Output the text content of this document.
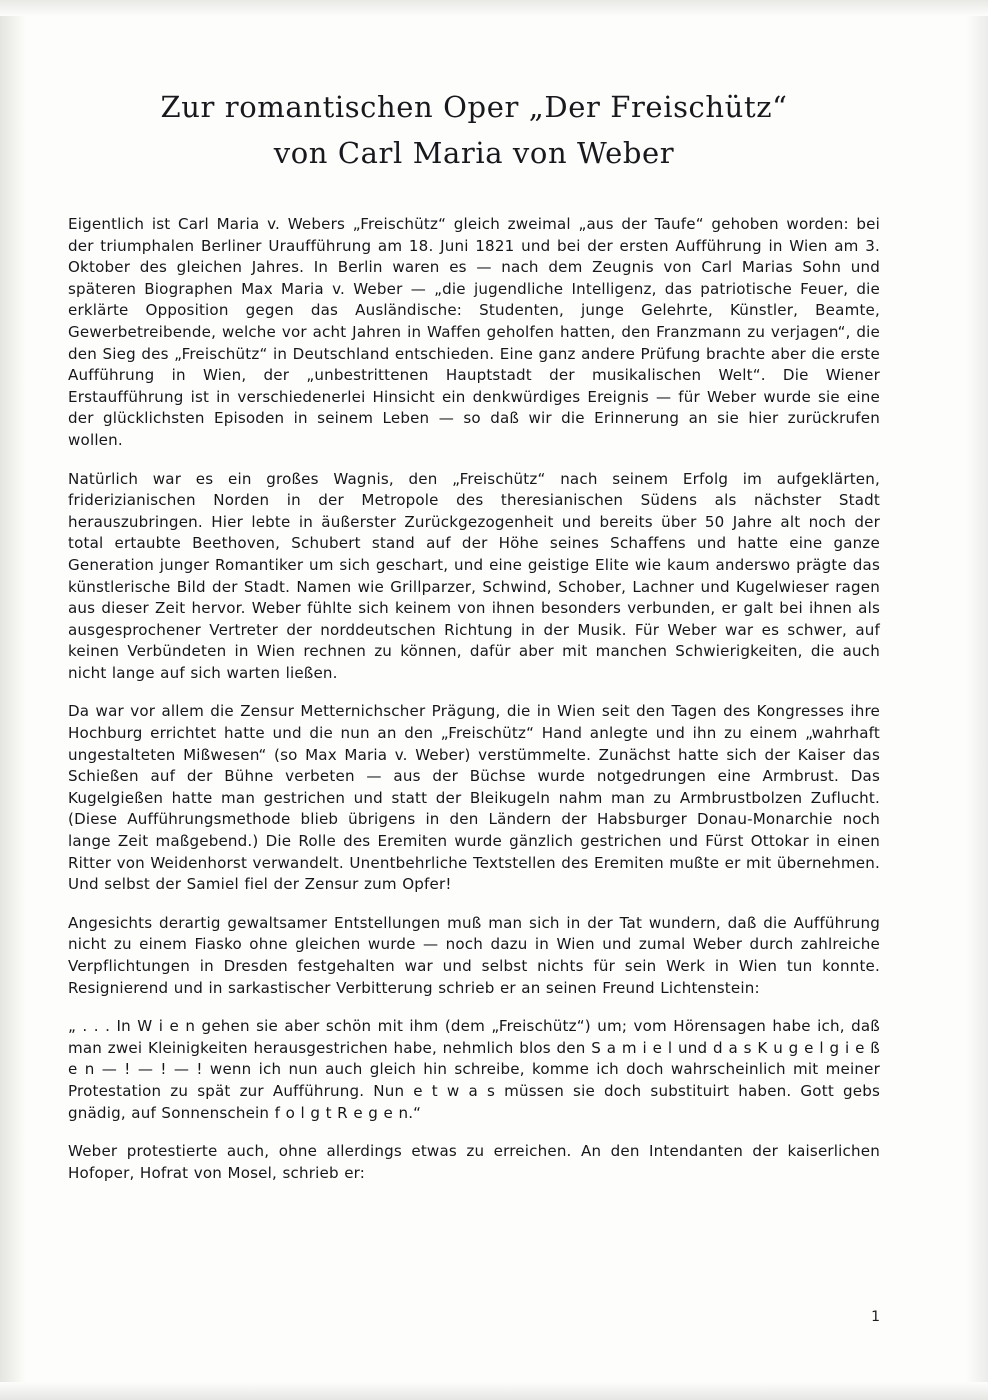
Zur romantischen Oper „Der Freischütz“
von Carl Maria von Weber

Eigentlich ist Carl Maria v. Webers „Freischütz“ gleich zweimal „aus der Taufe“ gehoben worden: bei der triumphalen Berliner Uraufführung am 18. Juni 1821 und bei der ersten Aufführung in Wien am 3. Oktober des gleichen Jahres. In Berlin waren es — nach dem Zeugnis von Carl Marias Sohn und späteren Biographen Max Maria v. Weber — „die jugendliche Intelligenz, das patriotische Feuer, die erklärte Opposition gegen das Ausländische: Studenten, junge Gelehrte, Künstler, Beamte, Gewerbetreibende, welche vor acht Jahren in Waffen geholfen hatten, den Franzmann zu verjagen“, die den Sieg des „Freischütz“ in Deutschland entschieden. Eine ganz andere Prüfung brachte aber die erste Aufführung in Wien, der „unbestrittenen Hauptstadt der musikalischen Welt“. Die Wiener Erstaufführung ist in verschiedenerlei Hinsicht ein denkwürdiges Ereignis — für Weber wurde sie eine der glücklichsten Episoden in seinem Leben — so daß wir die Erinnerung an sie hier zurückrufen wollen.

Natürlich war es ein großes Wagnis, den „Freischütz“ nach seinem Erfolg im aufgeklärten, friderizianischen Norden in der Metropole des theresianischen Südens als nächster Stadt herauszubringen. Hier lebte in äußerster Zurückgezogenheit und bereits über 50 Jahre alt noch der total ertaubte Beethoven, Schubert stand auf der Höhe seines Schaffens und hatte eine ganze Generation junger Romantiker um sich geschart, und eine geistige Elite wie kaum anderswo prägte das künstlerische Bild der Stadt. Namen wie Grillparzer, Schwind, Schober, Lachner und Kugelwieser ragen aus dieser Zeit hervor. Weber fühlte sich keinem von ihnen besonders verbunden, er galt bei ihnen als ausgesprochener Vertreter der norddeutschen Richtung in der Musik. Für Weber war es schwer, auf keinen Verbündeten in Wien rechnen zu können, dafür aber mit manchen Schwierigkeiten, die auch nicht lange auf sich warten ließen.

Da war vor allem die Zensur Metternichscher Prägung, die in Wien seit den Tagen des Kongresses ihre Hochburg errichtet hatte und die nun an den „Freischütz“ Hand anlegte und ihn zu einem „wahrhaft ungestalteten Mißwesen“ (so Max Maria v. Weber) verstümmelte. Zunächst hatte sich der Kaiser das Schießen auf der Bühne verbeten — aus der Büchse wurde notgedrungen eine Armbrust. Das Kugelgießen hatte man gestrichen und statt der Bleikugeln nahm man zu Armbrustbolzen Zuflucht. (Diese Aufführungsmethode blieb übrigens in den Ländern der Habsburger Donau-Monarchie noch lange Zeit maßgebend.) Die Rolle des Eremiten wurde gänzlich gestrichen und Fürst Ottokar in einen Ritter von Weidenhorst verwandelt. Unentbehrliche Textstellen des Eremiten mußte er mit übernehmen. Und selbst der Samiel fiel der Zensur zum Opfer!

Angesichts derartig gewaltsamer Entstellungen muß man sich in der Tat wundern, daß die Aufführung nicht zu einem Fiasko ohne gleichen wurde — noch dazu in Wien und zumal Weber durch zahlreiche Verpflichtungen in Dresden festgehalten war und selbst nichts für sein Werk in Wien tun konnte. Resignierend und in sarkastischer Verbitterung schrieb er an seinen Freund Lichtenstein:

„ . . . In W i e n gehen sie aber schön mit ihm (dem „Freischütz“) um; vom Hörensagen habe ich, daß man zwei Kleinigkeiten herausgestrichen habe, nehmlich blos den S a m i e l und d a s K u g e l g i e ß e n — ! — ! — ! wenn ich nun auch gleich hin schreibe, komme ich doch wahrscheinlich mit meiner Protestation zu spät zur Aufführung. Nun e t w a s müssen sie doch substituirt haben. Gott gebs gnädig, auf Sonnenschein f o l g t R e g e n.“

Weber protestierte auch, ohne allerdings etwas zu erreichen. An den Intendanten der kaiserlichen Hofoper, Hofrat von Mosel, schrieb er:

1
